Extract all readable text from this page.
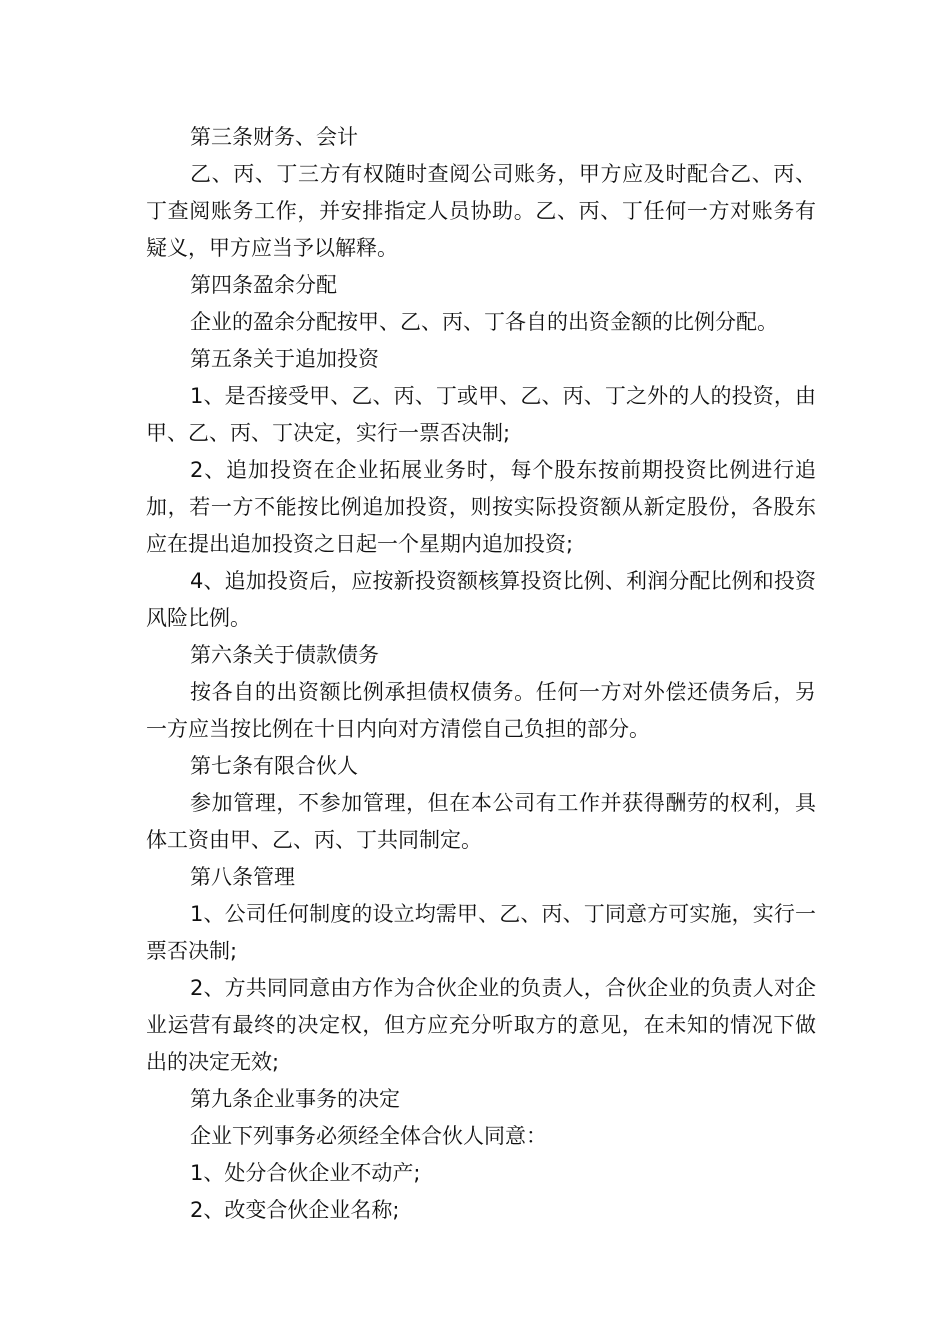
第三条财务、会计

乙、丙、丁三方有权随时查阅公司账务，甲方应及时配合乙、丙、丁查阅账务工作，并安排指定人员协助。乙、丙、丁任何一方对账务有疑义，甲方应当予以解释。

第四条盈余分配

企业的盈余分配按甲、乙、丙、丁各自的出资金额的比例分配。

第五条关于追加投资

1、是否接受甲、乙、丙、丁或甲、乙、丙、丁之外的人的投资，由甲、乙、丙、丁决定，实行一票否决制;

2、追加投资在企业拓展业务时，每个股东按前期投资比例进行追加，若一方不能按比例追加投资，则按实际投资额从新定股份，各股东应在提出追加投资之日起一个星期内追加投资;

4、追加投资后，应按新投资额核算投资比例、利润分配比例和投资风险比例。

第六条关于债款债务

按各自的出资额比例承担债权债务。任何一方对外偿还债务后，另一方应当按比例在十日内向对方清偿自己负担的部分。

第七条有限合伙人

参加管理，不参加管理，但在本公司有工作并获得酬劳的权利，具体工资由甲、乙、丙、丁共同制定。

第八条管理

1、公司任何制度的设立均需甲、乙、丙、丁同意方可实施，实行一票否决制;

2、方共同同意由方作为合伙企业的负责人，合伙企业的负责人对企业运营有最终的决定权，但方应充分听取方的意见，在未知的情况下做出的决定无效;

第九条企业事务的决定

企业下列事务必须经全体合伙人同意：

1、处分合伙企业不动产;

2、改变合伙企业名称;
